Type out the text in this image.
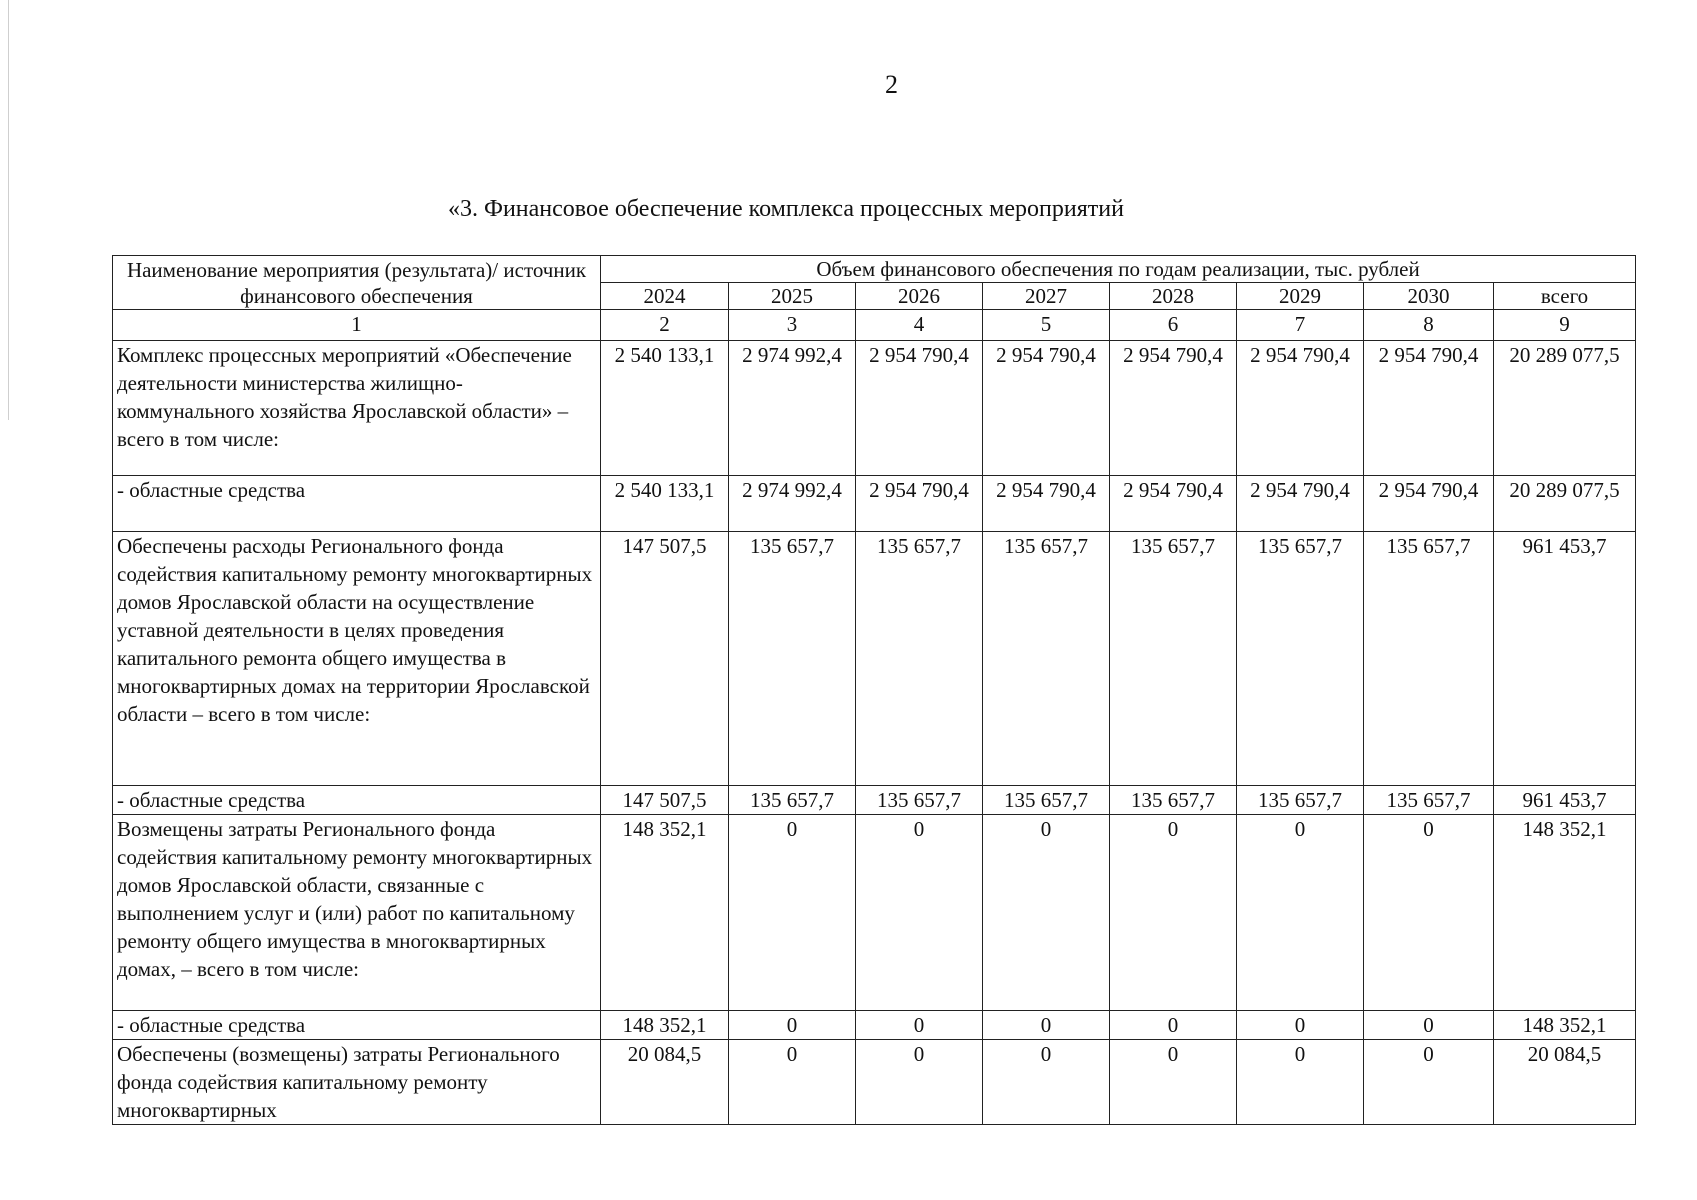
2
«3. Финансовое обеспечение комплекса процессных мероприятий
Наименование мероприятия (результата)/ источник финансового обеспечения	Объем финансового обеспечения по годам реализации, тыс. рублей							
	2024	2025	2026	2027	2028	2029	2030	всего
1	2	3	4	5	6	7	8	9
Комплекс процессных мероприятий «Обеспечение деятельности министерства жилищно-коммунального хозяйства Ярославской области» – всего в том числе:	2 540 133,1	2 974 992,4	2 954 790,4	2 954 790,4	2 954 790,4	2 954 790,4	2 954 790,4	20 289 077,5
- областные средства	2 540 133,1	2 974 992,4	2 954 790,4	2 954 790,4	2 954 790,4	2 954 790,4	2 954 790,4	20 289 077,5
Обеспечены расходы Регионального фонда содействия капитальному ремонту многоквартирных домов Ярославской области на осуществление уставной деятельности в целях проведения капитального ремонта общего имущества в многоквартирных домах на территории Ярославской области – всего в том числе:	147 507,5	135 657,7	135 657,7	135 657,7	135 657,7	135 657,7	135 657,7	961 453,7
- областные средства	147 507,5	135 657,7	135 657,7	135 657,7	135 657,7	135 657,7	135 657,7	961 453,7
Возмещены затраты Регионального фонда содействия капитальному ремонту многоквартирных домов Ярославской области, связанные с выполнением услуг и (или) работ по капитальному ремонту общего имущества в многоквартирных домах, – всего в том числе:	148 352,1	0	0	0	0	0	0	148 352,1
- областные средства	148 352,1	0	0	0	0	0	0	148 352,1
Обеспечены (возмещены) затраты Регионального фонда содействия капитальному ремонту многоквартирных	20 084,5	0	0	0	0	0	0	20 084,5
